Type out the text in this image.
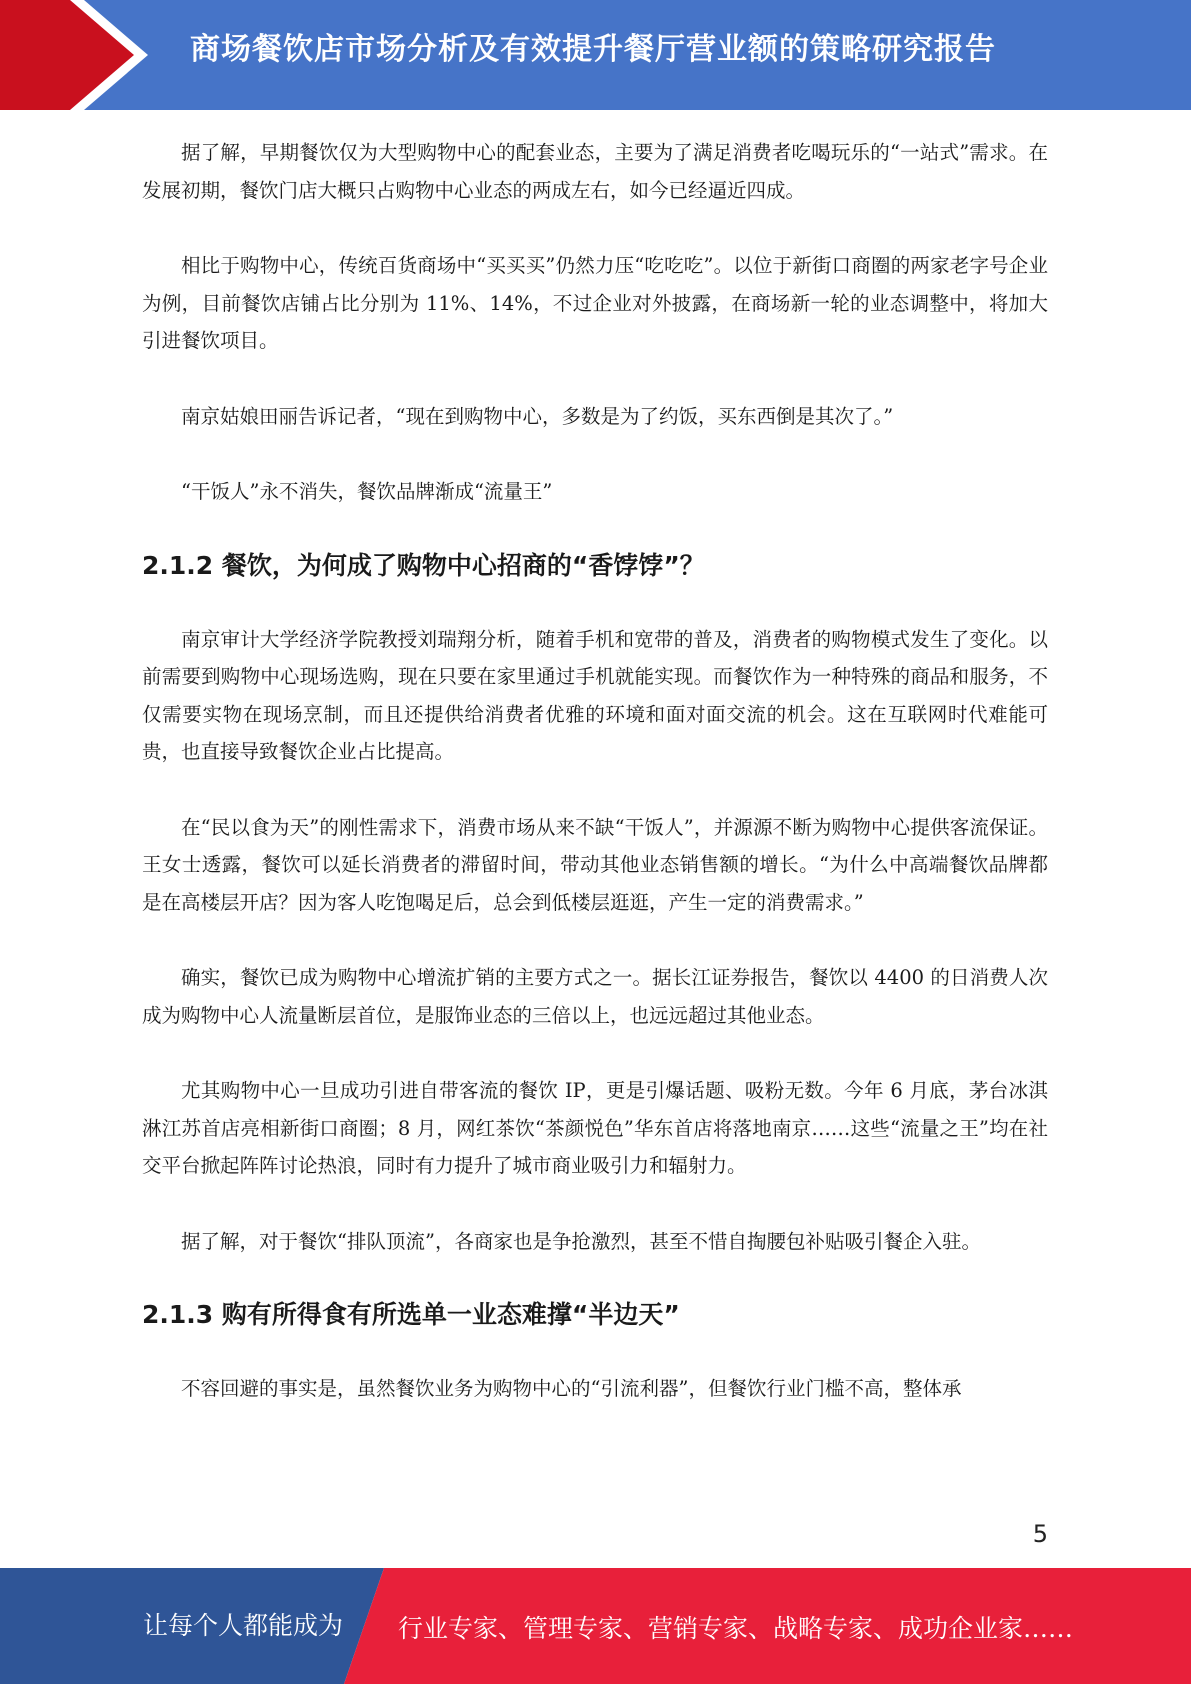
商场餐饮店市场分析及有效提升餐厅营业额的策略研究报告

据了解，早期餐饮仅为大型购物中心的配套业态，主要为了满足消费者吃喝玩乐的“一站式”需求。在发展初期，餐饮门店大概只占购物中心业态的两成左右，如今已经逼近四成。

相比于购物中心，传统百货商场中“买买买”仍然力压“吃吃吃”。以位于新街口商圈的两家老字号企业为例，目前餐饮店铺占比分别为 11%、14%，不过企业对外披露，在商场新一轮的业态调整中，将加大引进餐饮项目。

南京姑娘田丽告诉记者，“现在到购物中心，多数是为了约饭，买东西倒是其次了。”

“干饭人”永不消失，餐饮品牌渐成“流量王”

2.1.2 餐饮，为何成了购物中心招商的“香饽饽”？

南京审计大学经济学院教授刘瑞翔分析，随着手机和宽带的普及，消费者的购物模式发生了变化。以前需要到购物中心现场选购，现在只要在家里通过手机就能实现。而餐饮作为一种特殊的商品和服务，不仅需要实物在现场烹制，而且还提供给消费者优雅的环境和面对面交流的机会。这在互联网时代难能可贵，也直接导致餐饮企业占比提高。

在“民以食为天”的刚性需求下，消费市场从来不缺“干饭人”，并源源不断为购物中心提供客流保证。王女士透露，餐饮可以延长消费者的滞留时间，带动其他业态销售额的增长。“为什么中高端餐饮品牌都是在高楼层开店？因为客人吃饱喝足后，总会到低楼层逛逛，产生一定的消费需求。”

确实，餐饮已成为购物中心增流扩销的主要方式之一。据长江证券报告，餐饮以 4400 的日消费人次成为购物中心人流量断层首位，是服饰业态的三倍以上，也远远超过其他业态。

尤其购物中心一旦成功引进自带客流的餐饮 IP，更是引爆话题、吸粉无数。今年 6 月底，茅台冰淇淋江苏首店亮相新街口商圈；8 月，网红茶饮“茶颜悦色”华东首店将落地南京……这些“流量之王”均在社交平台掀起阵阵讨论热浪，同时有力提升了城市商业吸引力和辐射力。

据了解，对于餐饮“排队顶流”，各商家也是争抢激烈，甚至不惜自掏腰包补贴吸引餐企入驻。

2.1.3 购有所得食有所选单一业态难撑“半边天”

不容回避的事实是，虽然餐饮业务为购物中心的“引流利器”，但餐饮行业门槛不高，整体承

5
让每个人都能成为 行业专家、管理专家、营销专家、战略专家、成功企业家……
